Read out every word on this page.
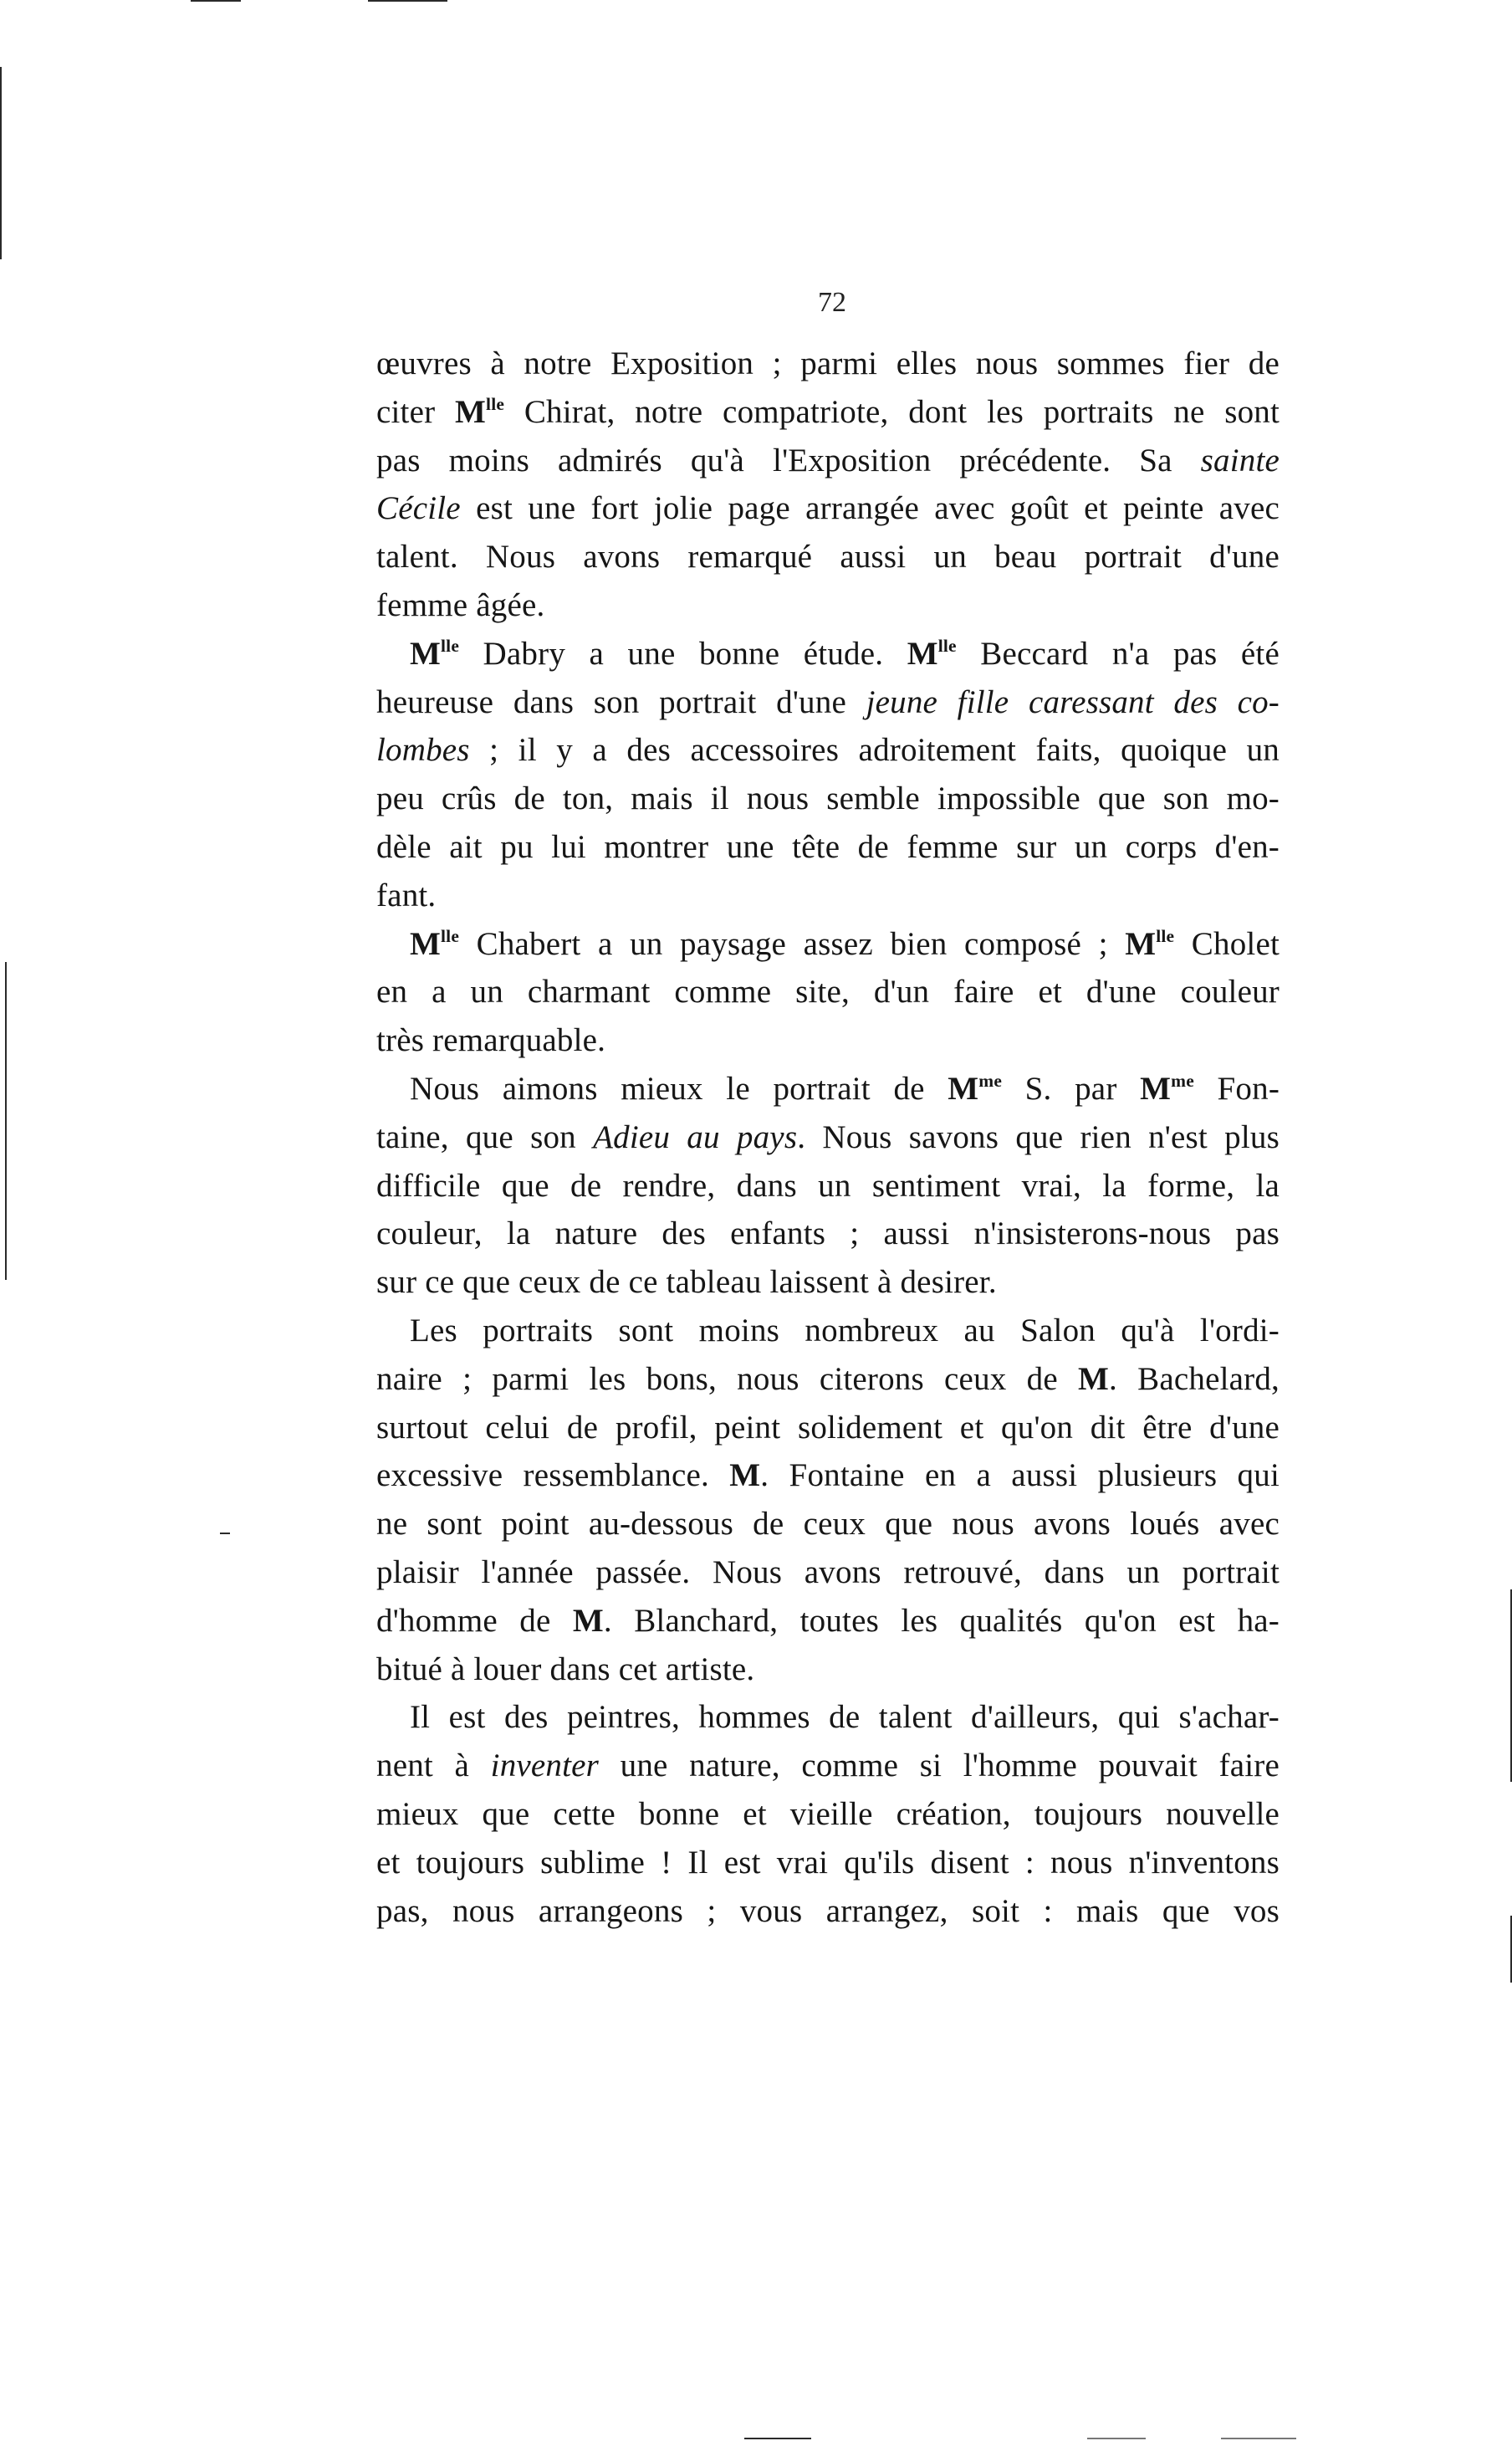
72
œuvres à notre Exposition ; parmi elles nous sommes fier de
citer $M^{lle}$ Chirat, notre compatriote, dont les portraits ne sont
pas moins admirés qu'à l'Exposition précédente. Sa sainte
Cécile est une fort jolie page arrangée avec goût et peinte avec
talent. Nous avons remarqué aussi un beau portrait d'une
femme âgée.
$M^{lle}$ Dabry a une bonne étude. $M^{lle}$ Beccard n'a pas été
heureuse dans son portrait d'une jeune fille caressant des co-
lombes ; il y a des accessoires adroitement faits, quoique un
peu crûs de ton, mais il nous semble impossible que son mo-
dèle ait pu lui montrer une tête de femme sur un corps d'en-
fant.
$M^{lle}$ Chabert a un paysage assez bien composé ; $M^{lle}$ Cholet
en a un charmant comme site, d'un faire et d'une couleur
très remarquable.
Nous aimons mieux le portrait de $M^{me}$ S. par $M^{me}$ Fon-
taine, que son Adieu au pays. Nous savons que rien n'est plus
difficile que de rendre, dans un sentiment vrai, la forme, la
couleur, la nature des enfants ; aussi n'insisterons-nous pas
sur ce que ceux de ce tableau laissent à desirer.
Les portraits sont moins nombreux au Salon qu'à l'ordi-
naire ; parmi les bons, nous citerons ceux de M. Bachelard,
surtout celui de profil, peint solidement et qu'on dit être d'une
excessive ressemblance. M. Fontaine en a aussi plusieurs qui
ne sont point au-dessous de ceux que nous avons loués avec
plaisir l'année passée. Nous avons retrouvé, dans un portrait
d'homme de M. Blanchard, toutes les qualités qu'on est ha-
bitué à louer dans cet artiste.
Il est des peintres, hommes de talent d'ailleurs, qui s'achar-
nent à inventer une nature, comme si l'homme pouvait faire
mieux que cette bonne et vieille création, toujours nouvelle
et toujours sublime ! Il est vrai qu'ils disent : nous n'inventons
pas, nous arrangeons ; vous arrangez, soit : mais que vos
